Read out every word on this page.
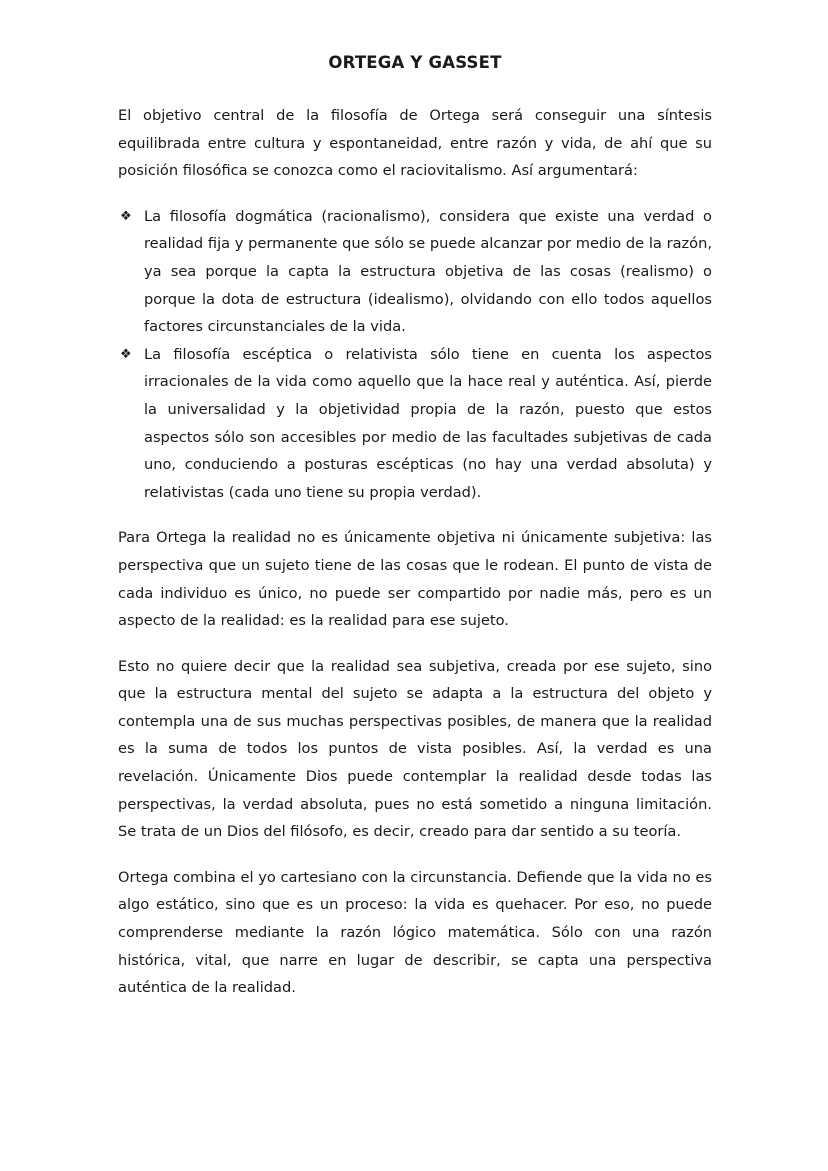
ORTEGA Y GASSET

El objetivo central de la filosofía de Ortega será conseguir una síntesis equilibrada entre cultura y espontaneidad, entre razón y vida, de ahí que su posición filosófica se conozca como el raciovitalismo. Así argumentará:

❖ La filosofía dogmática (racionalismo), considera que existe una verdad o realidad fija y permanente que sólo se puede alcanzar por medio de la razón, ya sea porque la capta la estructura objetiva de las cosas (realismo) o porque la dota de estructura (idealismo), olvidando con ello todos aquellos factores circunstanciales de la vida.
❖ La filosofía escéptica o relativista sólo tiene en cuenta los aspectos irracionales de la vida como aquello que la hace real y auténtica. Así, pierde la universalidad y la objetividad propia de la razón, puesto que estos aspectos sólo son accesibles por medio de las facultades subjetivas de cada uno, conduciendo a posturas escépticas (no hay una verdad absoluta) y relativistas (cada uno tiene su propia verdad).

Para Ortega la realidad no es únicamente objetiva ni únicamente subjetiva: las perspectiva que un sujeto tiene de las cosas que le rodean. El punto de vista de cada individuo es único, no puede ser compartido por nadie más, pero es un aspecto de la realidad: es la realidad para ese sujeto.

Esto no quiere decir que la realidad sea subjetiva, creada por ese sujeto, sino que la estructura mental del sujeto se adapta a la estructura del objeto y contempla una de sus muchas perspectivas posibles, de manera que la realidad es la suma de todos los puntos de vista posibles. Así, la verdad es una revelación. Únicamente Dios puede contemplar la realidad desde todas las perspectivas, la verdad absoluta, pues no está sometido a ninguna limitación. Se trata de un Dios del filósofo, es decir, creado para dar sentido a su teoría.

Ortega combina el yo cartesiano con la circunstancia. Defiende que la vida no es algo estático, sino que es un proceso: la vida es quehacer. Por eso, no puede comprenderse mediante la razón lógico matemática. Sólo con una razón histórica, vital, que narre en lugar de describir, se capta una perspectiva auténtica de la realidad.
